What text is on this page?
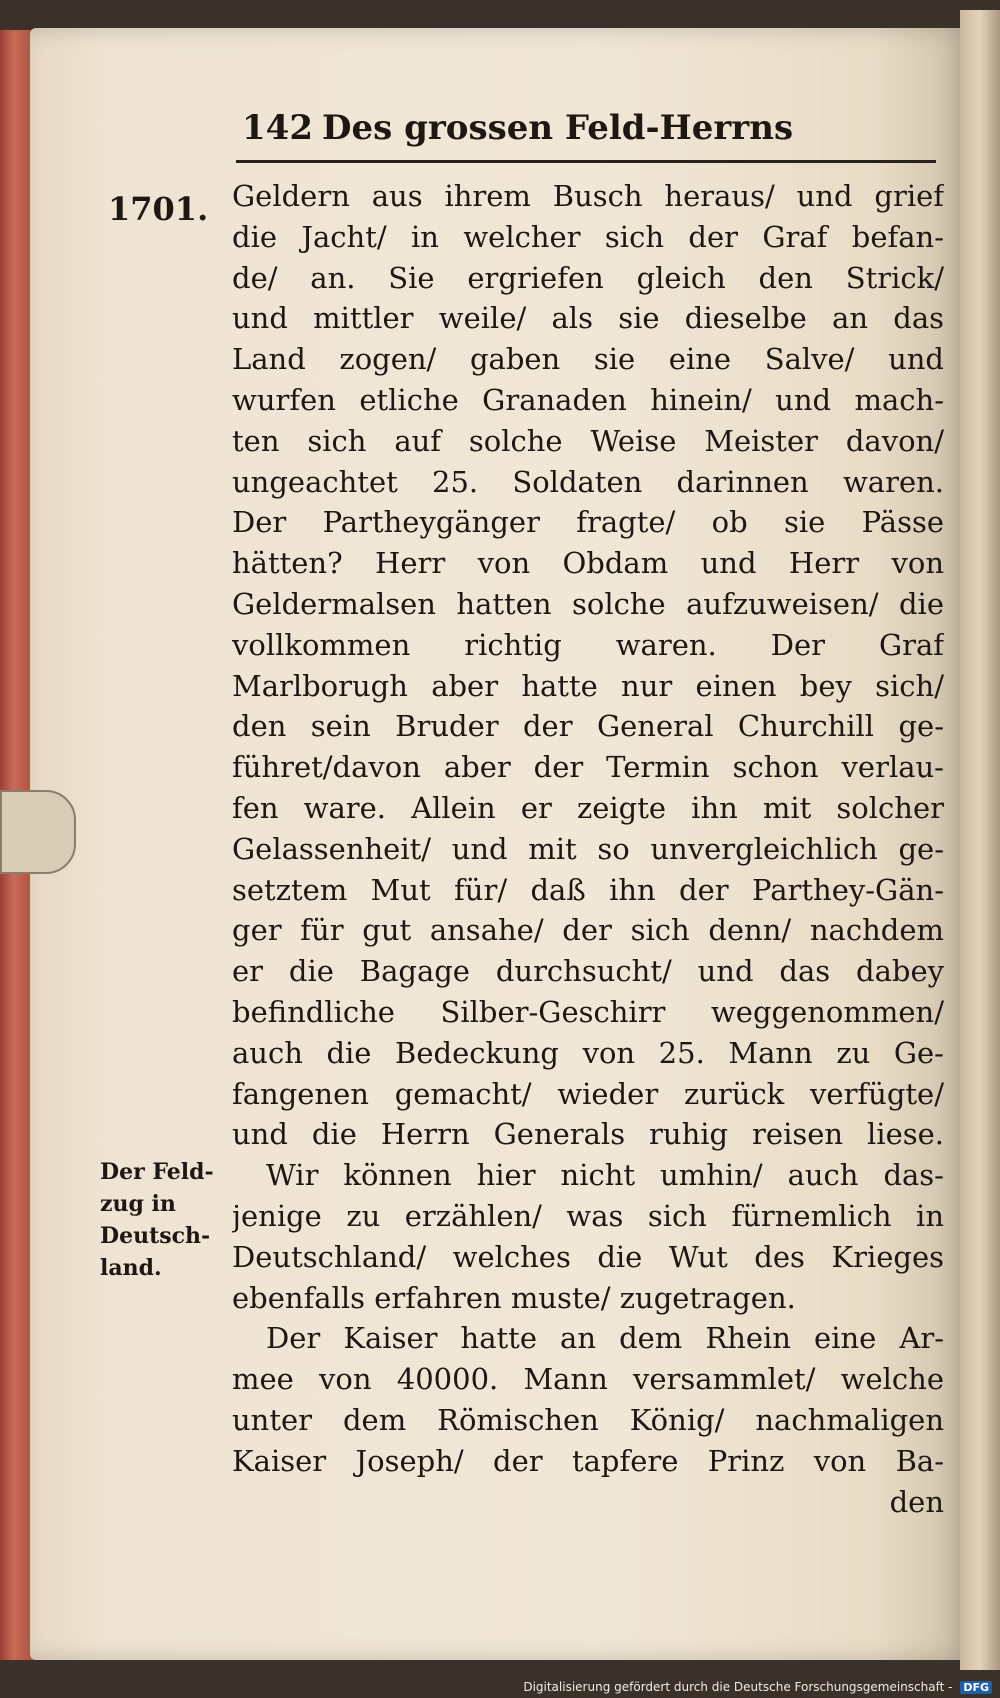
142 Des grossen Feld-Herrns
1701. Geldern aus ihrem Busch heraus/ und grief
die Jacht/ in welcher sich der Graf befan-
de/ an. Sie ergriefen gleich den Strick/
und mittler weile/ als sie dieselbe an das
Land zogen/ gaben sie eine Salve/ und
wurfen etliche Granaden hinein/ und mach-
ten sich auf solche Weise Meister davon/
ungeachtet 25. Soldaten darinnen waren.
Der Partheygänger fragte/ ob sie Pässe
hätten? Herr von Obdam und Herr von
Geldermalsen hatten solche aufzuweisen/ die
vollkommen richtig waren. Der Graf
Marlborugh aber hatte nur einen bey sich/
den sein Bruder der General Churchill ge-
führet/davon aber der Termin schon verlau-
fen ware. Allein er zeigte ihn mit solcher
Gelassenheit/ und mit so unvergleichlich ge-
setztem Mut für/ daß ihn der Parthey-Gän-
ger für gut ansahe/ der sich denn/ nachdem
er die Bagage durchsucht/ und das dabey
befindliche Silber-Geschirr weggenommen/
auch die Bedeckung von 25. Mann zu Ge-
fangenen gemacht/ wieder zurück verfügte/
und die Herrn Generals ruhig reisen liese.
Wir können hier nicht umhin/ auch das-
jenige zu erzählen/ was sich fürnemlich in
Deutschland/ welches die Wut des Krieges
ebenfalls erfahren muste/ zugetragen.
Der Kaiser hatte an dem Rhein eine Ar-
mee von 40000. Mann versammlet/ welche
unter dem Römischen König/ nachmaligen
Kaiser Joseph/ der tapfere Prinz von Ba-
den
Der Feld-
zug in
Deutsch-
land.
Digitalisierung gefördert durch die Deutsche Forschungsgemeinschaft - DFG
